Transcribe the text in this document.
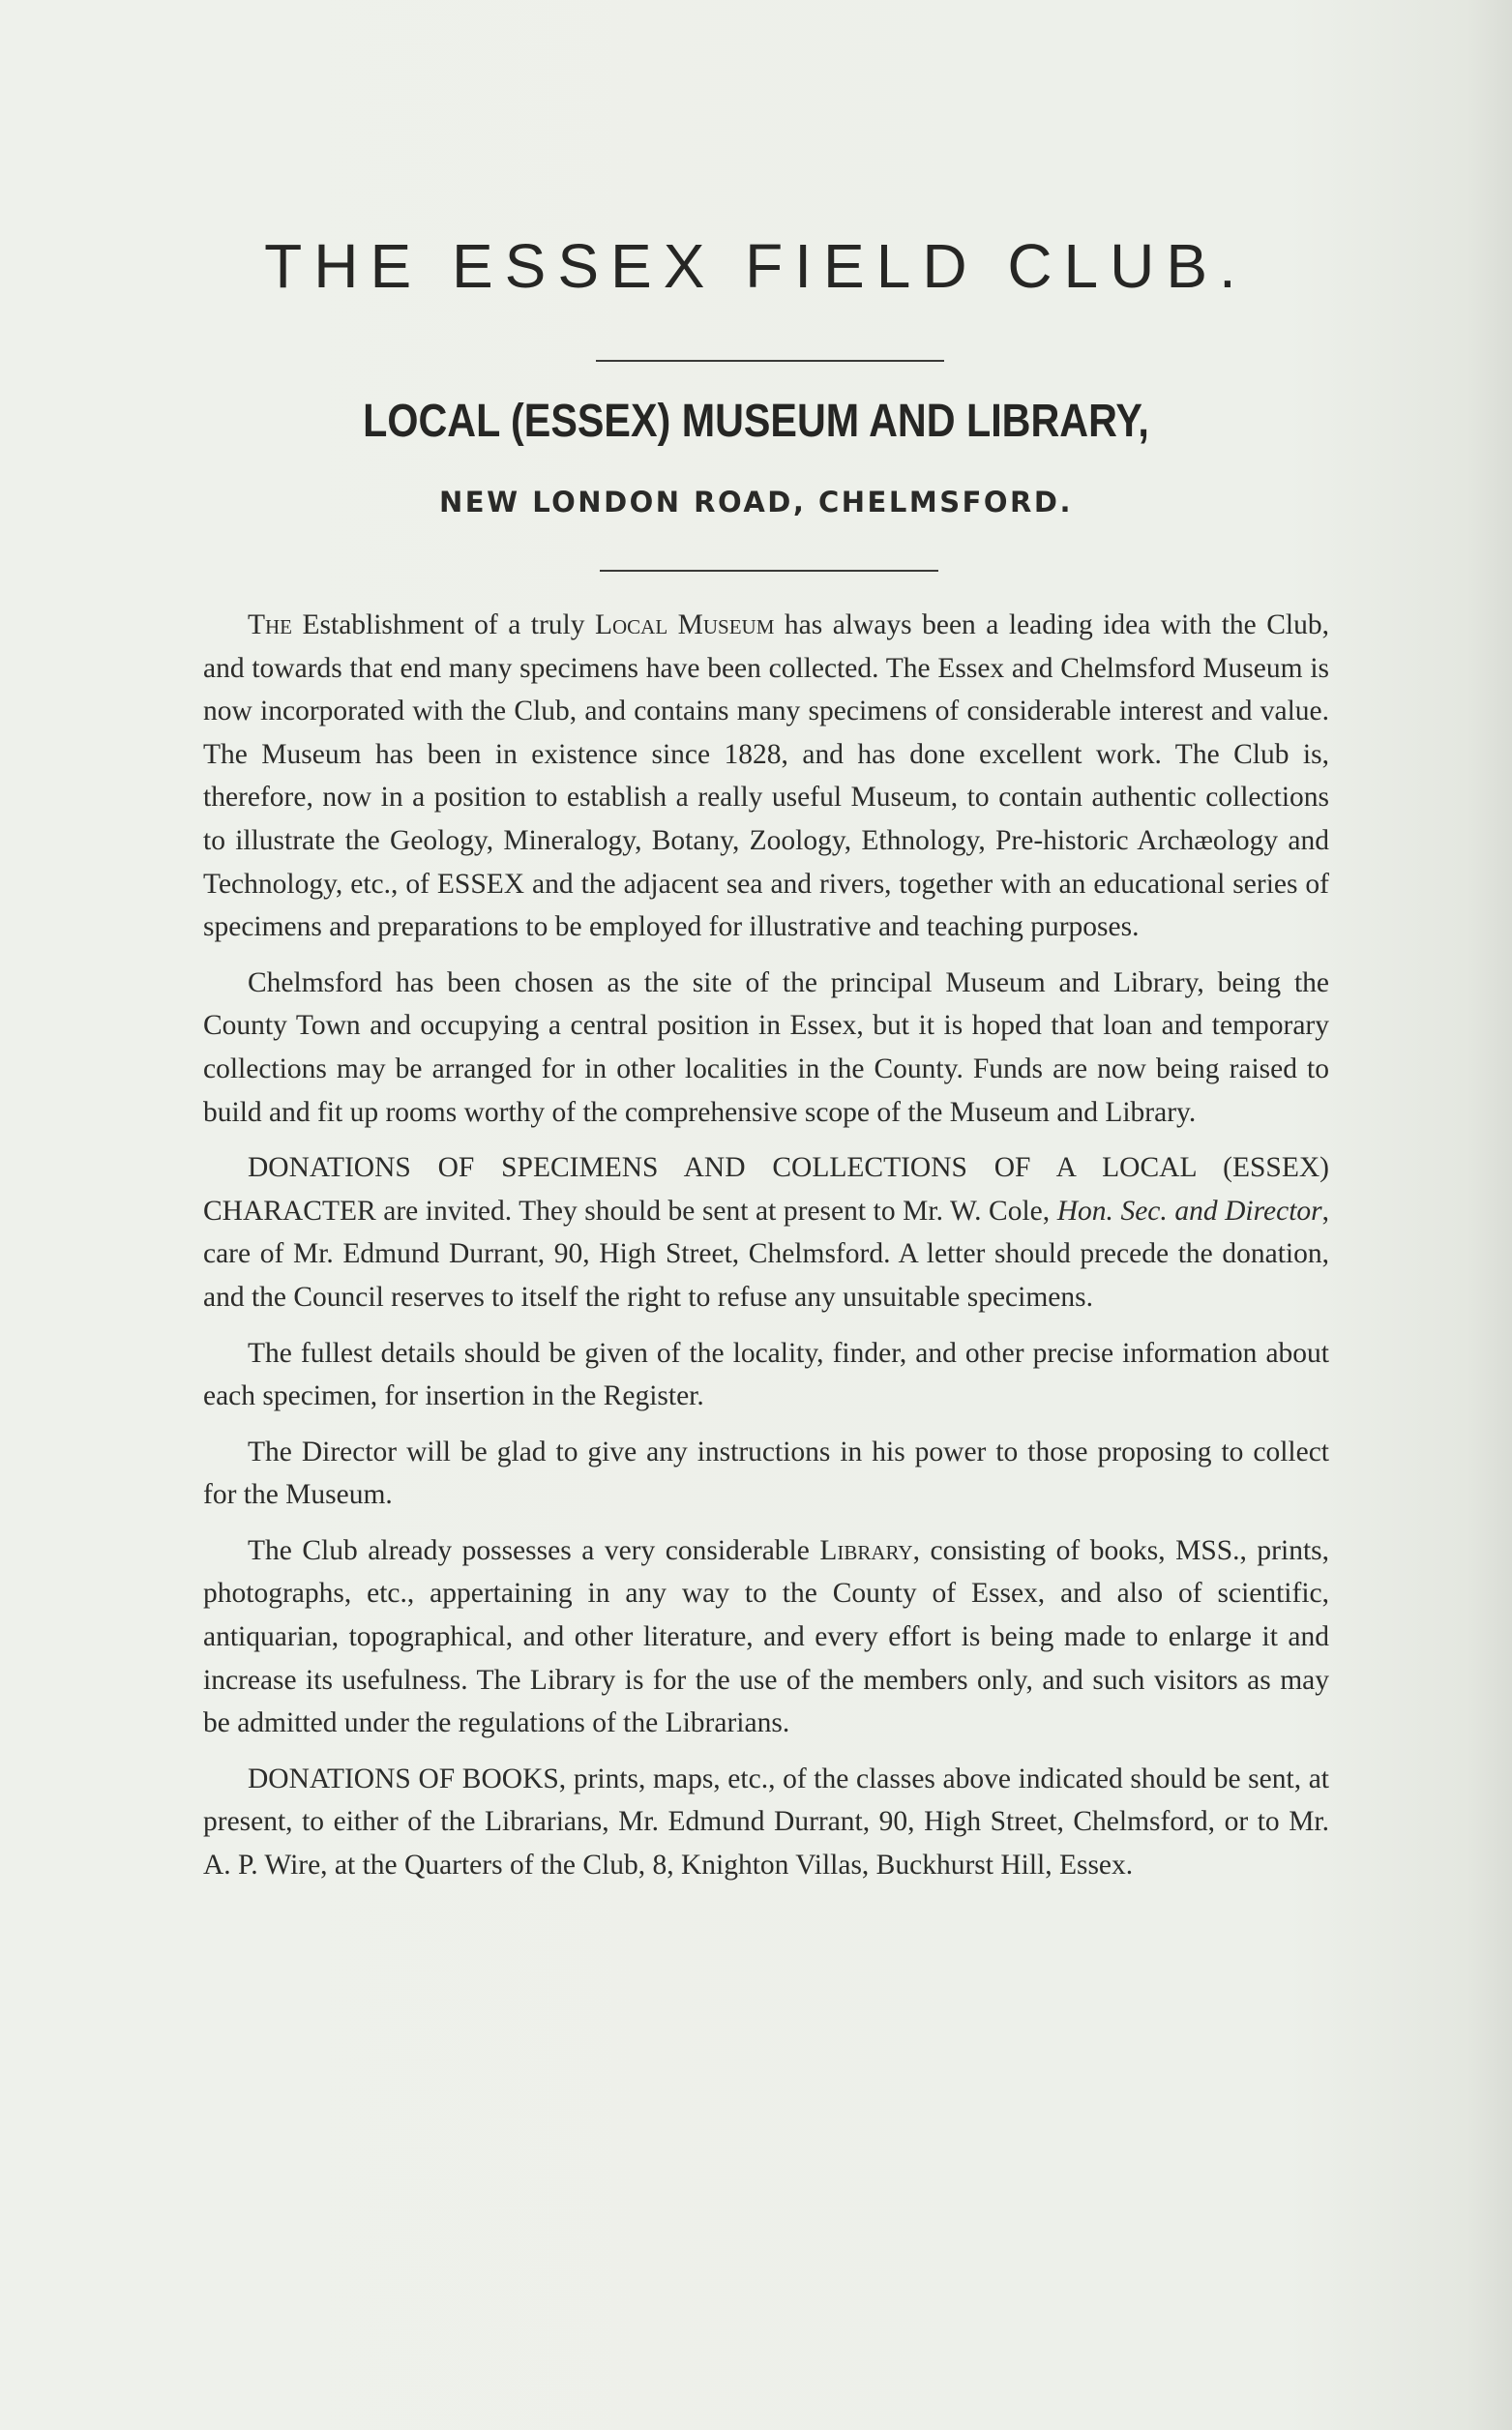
THE ESSEX FIELD CLUB.
LOCAL (ESSEX) MUSEUM AND LIBRARY,
NEW LONDON ROAD, CHELMSFORD.

The Establishment of a truly Local Museum has always been a leading idea with the Club, and towards that end many specimens have been collected. The Essex and Chelmsford Museum is now incorporated with the Club, and contains many specimens of considerable interest and value. The Museum has been in existence since 1828, and has done excellent work. The Club is, therefore, now in a position to establish a really useful Museum, to contain authentic collections to illustrate the Geology, Mineralogy, Botany, Zoology, Ethnology, Pre-historic Archæology and Technology, etc., of ESSEX and the adjacent sea and rivers, together with an educational series of specimens and preparations to be employed for illustrative and teaching purposes.

Chelmsford has been chosen as the site of the principal Museum and Library, being the County Town and occupying a central position in Essex, but it is hoped that loan and temporary collections may be arranged for in other localities in the County. Funds are now being raised to build and fit up rooms worthy of the comprehensive scope of the Museum and Library.

DONATIONS OF SPECIMENS AND COLLECTIONS OF A LOCAL (ESSEX) CHARACTER are invited. They should be sent at present to Mr. W. Cole, Hon. Sec. and Director, care of Mr. Edmund Durrant, 90, High Street, Chelmsford. A letter should precede the donation, and the Council reserves to itself the right to refuse any unsuitable specimens.

The fullest details should be given of the locality, finder, and other precise information about each specimen, for insertion in the Register.

The Director will be glad to give any instructions in his power to those proposing to collect for the Museum.

The Club already possesses a very considerable Library, consisting of books, MSS., prints, photographs, etc., appertaining in any way to the County of Essex, and also of scientific, antiquarian, topographical, and other literature, and every effort is being made to enlarge it and increase its usefulness. The Library is for the use of the members only, and such visitors as may be admitted under the regulations of the Librarians.

DONATIONS OF BOOKS, prints, maps, etc., of the classes above indicated should be sent, at present, to either of the Librarians, Mr. Edmund Durrant, 90, High Street, Chelmsford, or to Mr. A. P. Wire, at the Quarters of the Club, 8, Knighton Villas, Buckhurst Hill, Essex.
